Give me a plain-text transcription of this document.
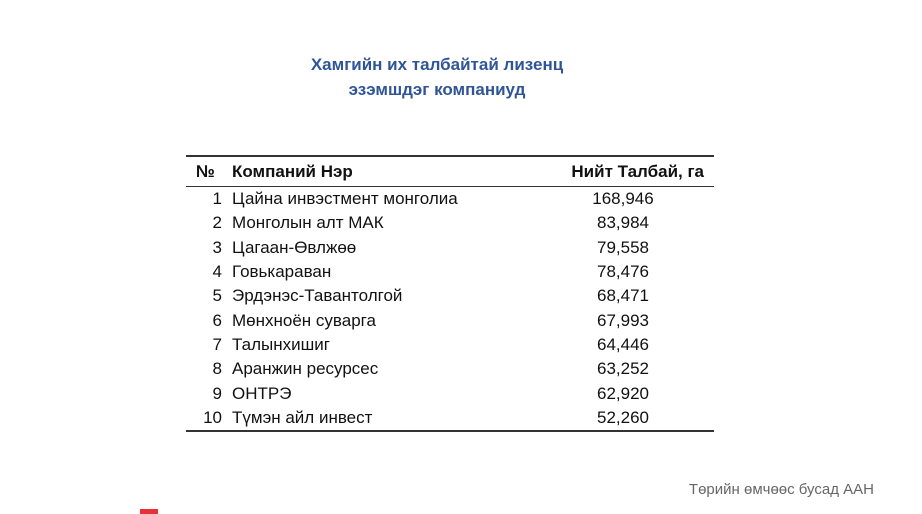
Хамгийн их талбайтай лизенц
эзэмшдэг компаниуд
№	Компаний Нэр	Нийт Талбай, га
1	Цайна инвэстмент монголиа	168,946
2	Монголын алт МАК	83,984
3	Цагаан-Өвлжөө	79,558
4	Говькараван	78,476
5	Эрдэнэс-Тавантолгой	68,471
6	Мөнхноён суварга	67,993
7	Талынхишиг	64,446
8	Аранжин ресурсес	63,252
9	ОНТРЭ	62,920
10	Түмэн айл инвест	52,260
Төрийн өмчөөс бусад ААН
